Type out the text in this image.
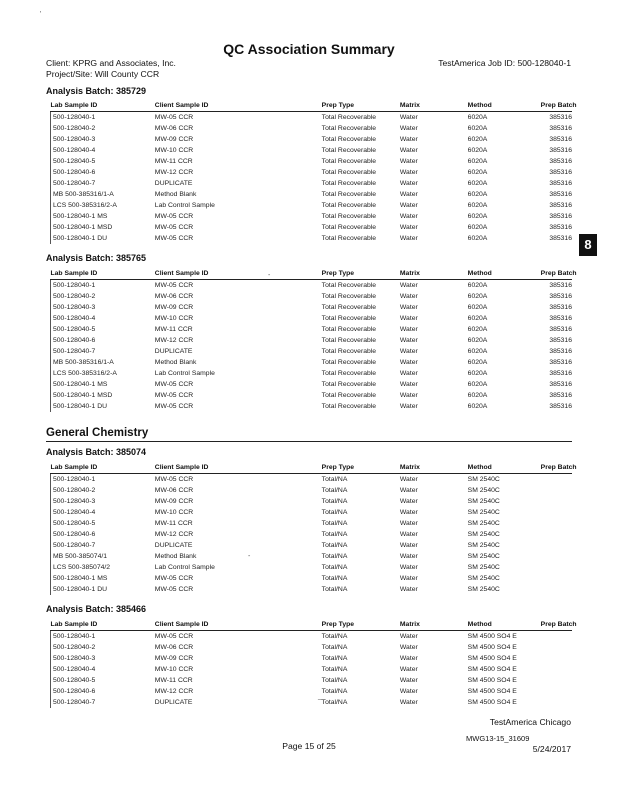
'
QC Association Summary
Client: KPRG and Associates, Inc.
Project/Site: Will County CCR
TestAmerica Job ID: 500-128040-1
8
Analysis Batch: 385729
Lab Sample ID	Client Sample ID	Prep Type	Matrix	Method	Prep Batch
500-128040-1	MW-05 CCR	Total Recoverable	Water	6020A	385316
500-128040-2	MW-06 CCR	Total Recoverable	Water	6020A	385316
500-128040-3	MW-09 CCR	Total Recoverable	Water	6020A	385316
500-128040-4	MW-10 CCR	Total Recoverable	Water	6020A	385316
500-128040-5	MW-11 CCR	Total Recoverable	Water	6020A	385316
500-128040-6	MW-12 CCR	Total Recoverable	Water	6020A	385316
500-128040-7	DUPLICATE	Total Recoverable	Water	6020A	385316
MB 500-385316/1-A	Method Blank	Total Recoverable	Water	6020A	385316
LCS 500-385316/2-A	Lab Control Sample	Total Recoverable	Water	6020A	385316
500-128040-1 MS	MW-05 CCR	Total Recoverable	Water	6020A	385316
500-128040-1 MSD	MW-05 CCR	Total Recoverable	Water	6020A	385316
500-128040-1 DU	MW-05 CCR	Total Recoverable	Water	6020A	385316
Analysis Batch: 385765
Lab Sample ID	Client Sample ID	Prep Type	Matrix	Method	Prep Batch
500-128040-1	MW-05 CCR	Total Recoverable	Water	6020A	385316
500-128040-2	MW-06 CCR	Total Recoverable	Water	6020A	385316
500-128040-3	MW-09 CCR	Total Recoverable	Water	6020A	385316
500-128040-4	MW-10 CCR	Total Recoverable	Water	6020A	385316
500-128040-5	MW-11 CCR	Total Recoverable	Water	6020A	385316
500-128040-6	MW-12 CCR	Total Recoverable	Water	6020A	385316
500-128040-7	DUPLICATE	Total Recoverable	Water	6020A	385316
MB 500-385316/1-A	Method Blank	Total Recoverable	Water	6020A	385316
LCS 500-385316/2-A	Lab Control Sample	Total Recoverable	Water	6020A	385316
500-128040-1 MS	MW-05 CCR	Total Recoverable	Water	6020A	385316
500-128040-1 MSD	MW-05 CCR	Total Recoverable	Water	6020A	385316
500-128040-1 DU	MW-05 CCR	Total Recoverable	Water	6020A	385316
General Chemistry
Analysis Batch: 385074
Lab Sample ID	Client Sample ID	Prep Type	Matrix	Method	Prep Batch
500-128040-1	MW-05 CCR	Total/NA	Water	SM 2540C	
500-128040-2	MW-06 CCR	Total/NA	Water	SM 2540C	
500-128040-3	MW-09 CCR	Total/NA	Water	SM 2540C	
500-128040-4	MW-10 CCR	Total/NA	Water	SM 2540C	
500-128040-5	MW-11 CCR	Total/NA	Water	SM 2540C	
500-128040-6	MW-12 CCR	Total/NA	Water	SM 2540C	
500-128040-7	DUPLICATE	Total/NA	Water	SM 2540C	
MB 500-385074/1	Method Blank	Total/NA	Water	SM 2540C	
LCS 500-385074/2	Lab Control Sample	Total/NA	Water	SM 2540C	
500-128040-1 MS	MW-05 CCR	Total/NA	Water	SM 2540C	
500-128040-1 DU	MW-05 CCR	Total/NA	Water	SM 2540C	
Analysis Batch: 385466
Lab Sample ID	Client Sample ID	Prep Type	Matrix	Method	Prep Batch
500-128040-1	MW-05 CCR	Total/NA	Water	SM 4500 SO4 E	
500-128040-2	MW-06 CCR	Total/NA	Water	SM 4500 SO4 E	
500-128040-3	MW-09 CCR	Total/NA	Water	SM 4500 SO4 E	
500-128040-4	MW-10 CCR	Total/NA	Water	SM 4500 SO4 E	
500-128040-5	MW-11 CCR	Total/NA	Water	SM 4500 SO4 E	
500-128040-6	MW-12 CCR	Total/NA	Water	SM 4500 SO4 E	
500-128040-7	DUPLICATE	Total/NA	Water	SM 4500 SO4 E	
-
-
_
TestAmerica Chicago
MWG13-15_31609
Page 15 of 25	5/24/2017
